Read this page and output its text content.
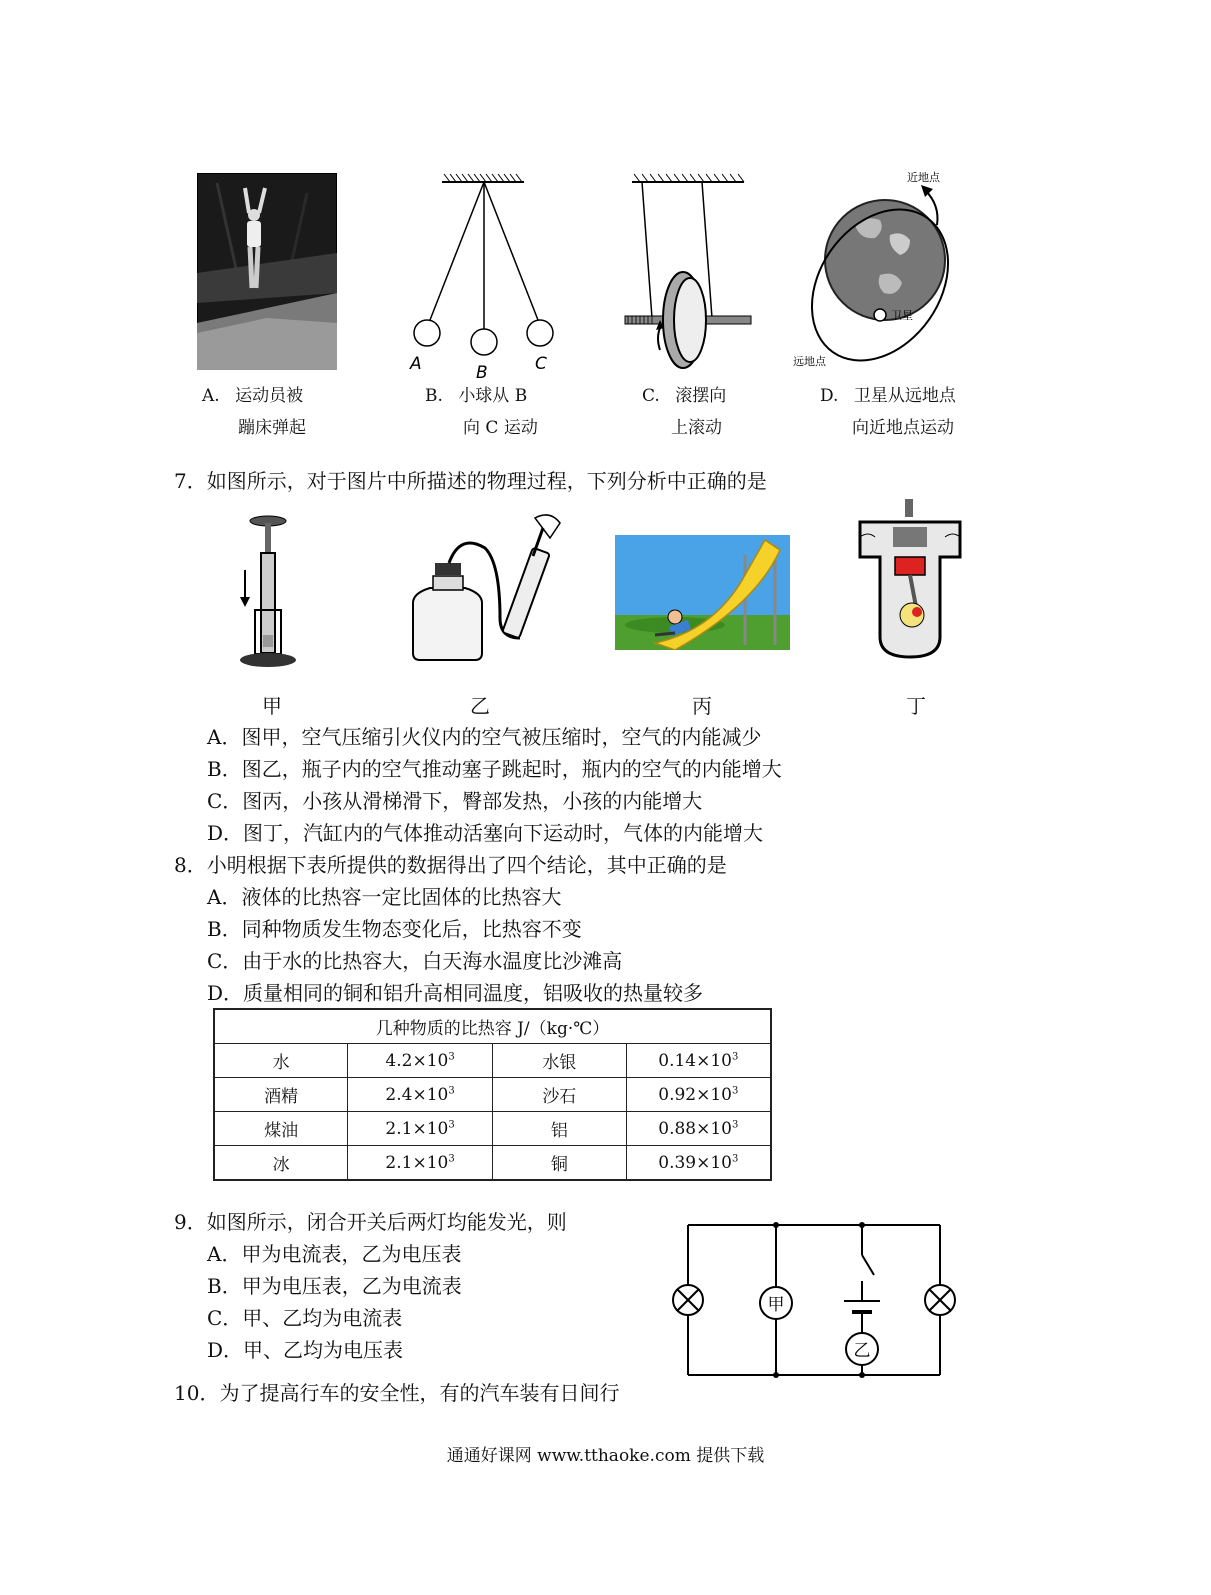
A	B	C
近地点
卫星
远地点
A. 运动员被
蹦床弹起
B. 小球从 B
向 C 运动
C. 滚摆向
上滚动
D. 卫星从远地点
向近地点运动
7．如图所示，对于图片中所描述的物理过程，下列分析中正确的是
甲	乙	丙	丁
A．图甲，空气压缩引火仪内的空气被压缩时，空气的内能减少
B．图乙，瓶子内的空气推动塞子跳起时，瓶内的空气的内能增大
C．图丙，小孩从滑梯滑下，臀部发热，小孩的内能增大
D．图丁，汽缸内的气体推动活塞向下运动时，气体的内能增大
8．小明根据下表所提供的数据得出了四个结论，其中正确的是
A．液体的比热容一定比固体的比热容大
B．同种物质发生物态变化后，比热容不变
C．由于水的比热容大，白天海水温度比沙滩高
D．质量相同的铜和铝升高相同温度，铝吸收的热量较多
几种物质的比热容 J/（kg·℃）			
水	$4.2\times 10^3$	水银	$0.14\times 10^3$
酒精	$2.4\times 10^3$	沙石	$0.92\times 10^3$
煤油	$2.1\times 10^3$	铝	$0.88\times 10^3$
冰	$2.1\times 10^3$	铜	$0.39\times 10^3$
9．如图所示，闭合开关后两灯均能发光，则
A．甲为电流表，乙为电压表
B．甲为电压表，乙为电流表
C．甲、乙均为电流表
D．甲、乙均为电压表
甲
乙
10．为了提高行车的安全性，有的汽车装有日间行
通通好课网 www.tthaoke.com 提供下载
